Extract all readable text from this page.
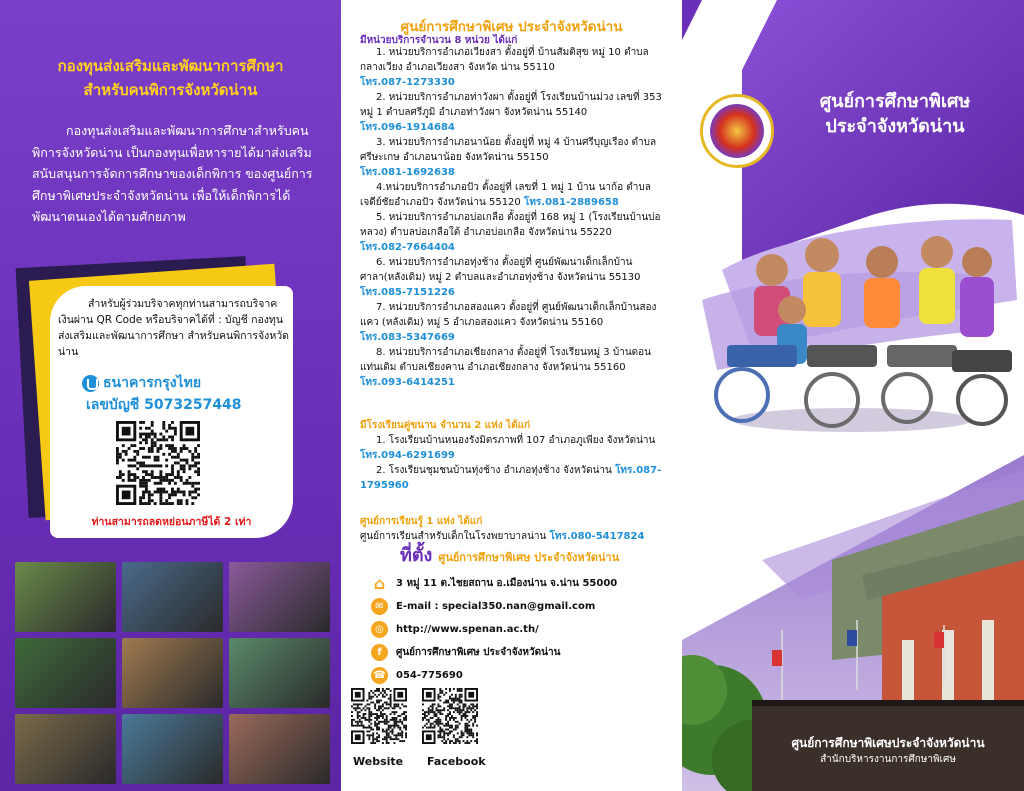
กองทุนส่งเสริมและพัฒนาการศึกษา
สำหรับคนพิการจังหวัดน่าน

กองทุนส่งเสริมและพัฒนาการศึกษาสำหรับคนพิการจังหวัดน่าน เป็นกองทุนเพื่อหารายได้มาส่งเสริมสนับสนุนการจัดการศึกษาของเด็กพิการ ของศูนย์การศึกษาพิเศษประจำจังหวัดน่าน เพื่อให้เด็กพิการได้พัฒนาตนเองได้ตามศักยภาพ

สำหรับผู้ร่วมบริจาคทุกท่านสามารถบริจาคเงินผ่าน QR Code หรือบริจาคได้ที่ : บัญชี กองทุนส่งเสริมและพัฒนาการศึกษา สำหรับคนพิการจังหวัดน่าน

ธนาคารกรุงไทย
เลขบัญชี 5073257448
ท่านสามารถลดหย่อนภาษีได้ 2 เท่า
ศูนย์การศึกษาพิเศษ ประจำจังหวัดน่าน
มีหน่วยบริการจำนวน 8 หน่วย ได้แก่
1. หน่วยบริการอำเภอเวียงสา ตั้งอยู่ที่ บ้านสัมติสุข หมู่ 10 ตำบลกลางเวียง อำเภอเวียงสา จังหวัด น่าน 55110
โทร.087-1273330
2. หน่วยบริการอำเภอท่าวังผา ตั้งอยู่ที่ โรงเรียนบ้านม่วง เลขที่ 353 หมู่ 1 ตำบลศรีภูมิ อำเภอท่าวังผา จังหวัดน่าน 55140
โทร.096-1914684
3. หน่วยบริการอำเภอนาน้อย ตั้งอยู่ที่ หมู่ 4 บ้านศรีบุญเรือง ตำบลศรีษะเกษ อำเภอนาน้อย จังหวัดน่าน 55150
โทร.081-1692638
4.หน่วยบริการอำเภอปัว ตั้งอยู่ที่ เลขที่ 1 หมู่ 1 บ้าน นาก้อ ตำบลเจดีย์ชัยอำเภอปัว จังหวัดน่าน 55120 โทร.081-2889658
5. หน่วยบริการอำเภอบ่อเกลือ ตั้งอยู่ที่ 168 หมู่ 1 (โรงเรียนบ้านบ่อหลวง) ตำบลบ่อเกลือใต้ อำเภอบ่อเกลือ จังหวัดน่าน 55220
โทร.082-7664404
6. หน่วยบริการอำเภอทุ่งช้าง ตั้งอยู่ที่ ศูนย์พัฒนาเด็กเล็กบ้านศาลา(หลังเดิม) หมู่ 2 ตำบลและอำเภอทุ่งช้าง จังหวัดน่าน 55130
โทร.085-7151226
7. หน่วยบริการอำเภอสองแคว ตั้งอยู่ที่ ศูนย์พัฒนาเด็กเล็กบ้านสองแคว (หลังเดิม) หมู่ 5 อำเภอสองแคว จังหวัดน่าน 55160
โทร.083-5347669
8. หน่วยบริการอำเภอเชียงกลาง ตั้งอยู่ที่ โรงเรียนหมู่ 3 บ้านดอนแท่นเดิม ตำบลเชียงคาน อำเภอเชียงกลาง จังหวัดน่าน 55160
โทร.093-6414251
มีโรงเรียนคู่ขนาน จำนวน 2 แห่ง ได้แก่
1. โรงเรียนบ้านหนองรังมิตรภาพที่ 107 อำเภอภูเพียง จังหวัดน่าน โทร.094-6291699
2. โรงเรียนชุมชนบ้านทุ่งช้าง อำเภอทุ่งช้าง จังหวัดน่าน โทร.087-1795960
ศูนย์การเรียนรู้ 1 แห่ง ได้แก่
ศูนย์การเรียนสำหรับเด็กในโรงพยาบาลน่าน โทร.080-5417824
ที่ตั้ง ศูนย์การศึกษาพิเศษ ประจำจังหวัดน่าน
⌂ 3 หมู่ 11 ต.ไชยสถาน อ.เมืองน่าน จ.น่าน 55000
✉	E-mail : special350.nan@gmail.com
◎	http://www.spenan.ac.th/
f	ศูนย์การศึกษาพิเศษ ประจำจังหวัดน่าน
☎ 054-775690
Website Facebook
ศูนย์การศึกษาพิเศษ
ประจำจังหวัดน่าน
ศูนย์การศึกษาพิเศษประจำจังหวัดน่าน
สำนักบริหารงานการศึกษาพิเศษ
